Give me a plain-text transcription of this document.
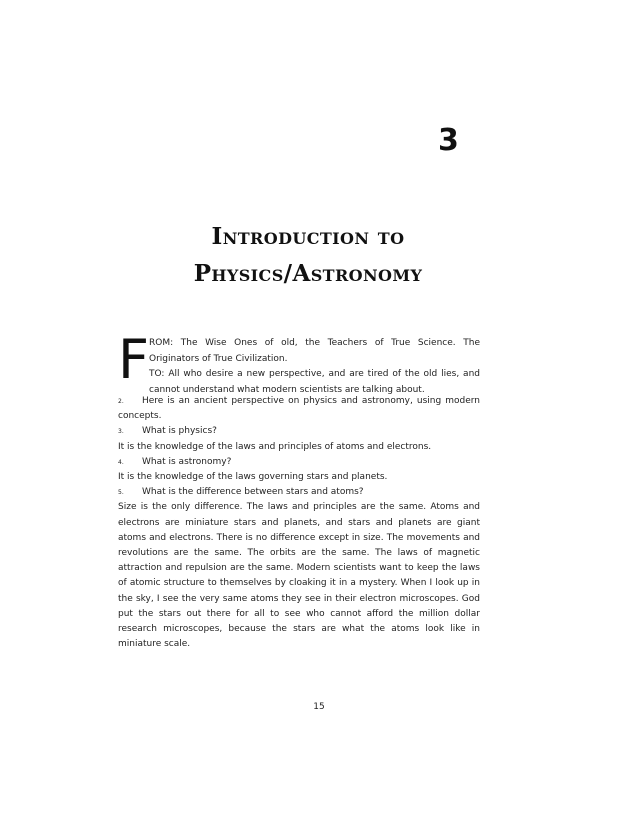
3
Introduction to
Physics/Astronomy
F ROM: The Wise Ones of old, the Teachers of True Science. The

Originators of True Civilization.

TO: All who desire a new perspective, and are tired of the old lies, and

cannot understand what modern scientists are talking about.

2. Here is an ancient perspective on physics and astronomy, using modern

concepts.

3. What is physics?

It is the knowledge of the laws and principles of atoms and electrons.

4. What is astronomy?

It is the knowledge of the laws governing stars and planets.

5. What is the difference between stars and atoms?

Size is the only difference. The laws and principles are the same. Atoms and electrons are miniature stars and planets, and stars and planets are giant atoms and electrons. There is no difference except in size. The movements and revolutions are the same. The orbits are the same. The laws of magnetic attraction and repulsion are the same. Modern scientists want to keep the laws of atomic structure to themselves by cloaking it in a mystery. When I look up in the sky, I see the very same atoms they see in their electron microscopes. God put the stars out there for all to see who cannot afford the million dollar research microscopes, because the stars are what the atoms look like in miniature scale.

15
